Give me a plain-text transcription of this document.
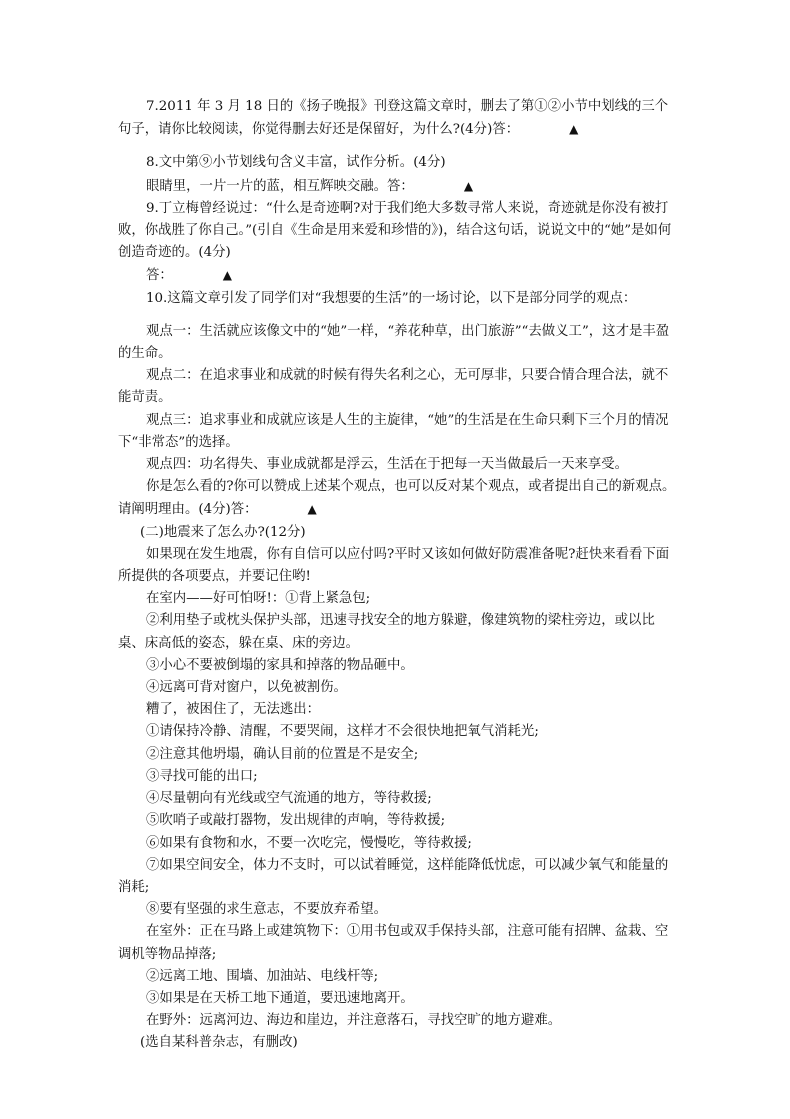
7.2011 年 3 月 18 日的《扬子晚报》刊登这篇文章时，删去了第①②小节中划线的三个句子，请你比较阅读，你觉得删去好还是保留好，为什么?(4分)答：	▲
8.文中第⑨小节划线句含义丰富，试作分析。(4分)
眼睛里，一片一片的蓝，相互辉映交融。答：	▲
9.丁立梅曾经说过：“什么是奇迹啊?对于我们绝大多数寻常人来说，奇迹就是你没有被打败，你战胜了你自己。”(引自《生命是用来爱和珍惜的》)，结合这句话，说说文中的“她”是如何创造奇迹的。(4分)
答：	▲
10.这篇文章引发了同学们对“我想要的生活”的一场讨论，以下是部分同学的观点：
观点一：生活就应该像文中的“她”一样，“养花种草，出门旅游”“去做义工”，这才是丰盈的生命。
观点二：在追求事业和成就的时候有得失名利之心，无可厚非，只要合情合理合法，就不能苛责。
观点三：追求事业和成就应该是人生的主旋律，“她”的生活是在生命只剩下三个月的情况下“非常态”的选择。
观点四：功名得失、事业成就都是浮云，生活在于把每一天当做最后一天来享受。
你是怎么看的?你可以赞成上述某个观点，也可以反对某个观点，或者提出自己的新观点。请阐明理由。(4分)答：	▲
(二)地震来了怎么办?(12分)
如果现在发生地震，你有自信可以应付吗?平时又该如何做好防震准备呢?赶快来看看下面所提供的各项要点，并要记住哟!
在室内——好可怕呀!：①背上紧急包;
②利用垫子或枕头保护头部，迅速寻找安全的地方躲避，像建筑物的梁柱旁边，或以比桌、床高低的姿态，躲在桌、床的旁边。
③小心不要被倒塌的家具和掉落的物品砸中。
④远离可背对窗户，以免被割伤。
糟了，被困住了，无法逃出：
①请保持冷静、清醒，不要哭闹，这样才不会很快地把氧气消耗光;
②注意其他坍塌，确认目前的位置是不是安全;
③寻找可能的出口;
④尽量朝向有光线或空气流通的地方，等待救援;
⑤吹哨子或敲打器物，发出规律的声响，等待救援;
⑥如果有食物和水，不要一次吃完，慢慢吃，等待救援;
⑦如果空间安全，体力不支时，可以试着睡觉，这样能降低忧虑，可以减少氧气和能量的消耗;
⑧要有坚强的求生意志，不要放弃希望。
在室外：正在马路上或建筑物下：①用书包或双手保持头部，注意可能有招牌、盆栽、空调机等物品掉落;
②远离工地、围墙、加油站、电线杆等;
③如果是在天桥工地下通道，要迅速地离开。
在野外：远离河边、海边和崖边，并注意落石，寻找空旷的地方避难。
(选自某科普杂志，有删改)
